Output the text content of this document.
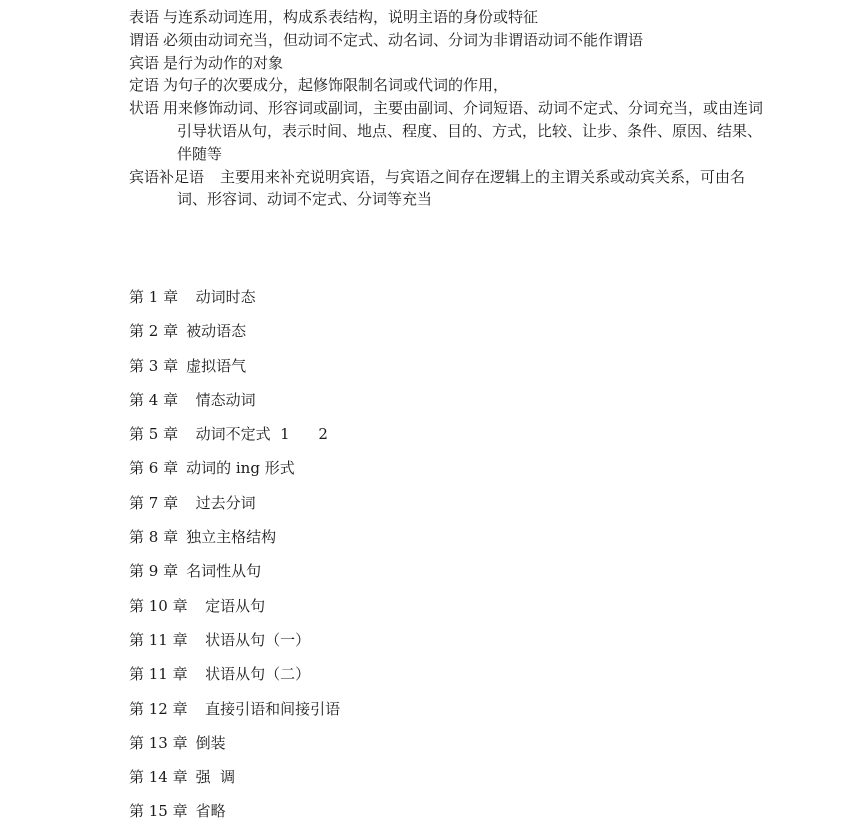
表语 与连系动词连用，构成系表结构，说明主语的身份或特征
谓语 必须由动词充当，但动词不定式、动名词、分词为非谓语动词不能作谓语
宾语 是行为动作的对象
定语 为句子的次要成分，起修饰限制名词或代词的作用，
状语 用来修饰动词、形容词或副词，主要由副词、介词短语、动词不定式、分词充当，或由连词引导状语从句，表示时间、地点、程度、目的、方式，比较、让步、条件、原因、结果、伴随等
宾语补足语 主要用来补充说明宾语，与宾语之间存在逻辑上的主谓关系或动宾关系，可由名词、形容词、动词不定式、分词等充当
第 1 章  动词时态
第 2 章 被动语态
第 3 章 虚拟语气
第 4 章  情态动词
第 5 章  动词不定式  1      2
第 6 章 动词的 ing 形式
第 7 章  过去分词
第 8 章 独立主格结构
第 9 章 名词性从句
第 10 章  定语从句
第 11 章  状语从句（一）
第 11 章  状语从句（二）
第 12 章  直接引语和间接引语
第 13 章 倒装
第 14 章 强  调
第 15 章 省略
